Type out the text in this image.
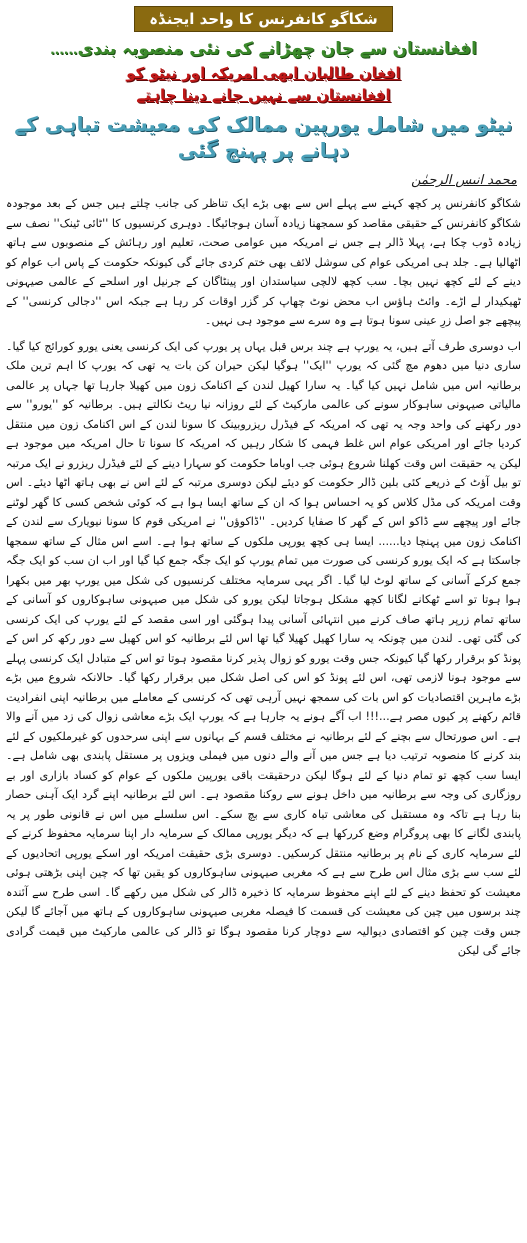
شکاگو کانفرنس کا واحد ایجنڈہ
افغانستان سے جان چھڑانے کی نئی منصوبہ بندی......
افغان طالبان ابھی امریکہ اور نیٹو کو
افغانستان سے نہیں جانے دینا چاہتے
نیٹو میں شامل یورپین ممالک کی معیشت تباہی کے دہانے پر پہنچ گئی
محمد انیس الرحمٰن

شکاگو کانفرنس پر کچھ کہنے سے پہلے اس سے بھی بڑے ایک تناظر کی جانب چلتے ہیں جس کے بعد موجودہ شکاگو کانفرنس کے حقیقی مقاصد کو سمجھنا زیادہ آسان ہوجائیگا۔ دوہری کرنسیوں کا ''ٹائی ٹینک'' نصف سے زیادہ ڈوب چکا ہے، پہلا ڈالر ہے جس نے امریکہ میں عوامی صحت، تعلیم اور رہائش کے منصوبوں سے ہاتھ اٹھالیا ہے۔ جلد ہی امریکی عوام کی سوشل لائف بھی ختم کردی جائے گی کیونکہ حکومت کے پاس اب عوام کو دینے کے لئے کچھ نہیں بچا۔ سب کچھ لالچی سیاستدان اور پینٹاگان کے جرنیل اور اسلحے کے عالمی صیہونی ٹھیکیدار لے اڑے۔ وائٹ ہاؤس اب محض نوٹ چھاپ کر گزر اوقات کر رہا ہے جبکہ اس ''دجالی کرنسی'' کے پیچھے جو اصل زرِ عینی سونا ہوتا ہے وہ سرے سے موجود ہی نہیں۔

اب دوسری طرف آتے ہیں، یہ یورپ ہے چند برس قبل یہاں پر یورپ کی ایک کرنسی یعنی یورو کورائج کیا گیا۔ ساری دنیا میں دھوم مچ گئی کہ یورپ ''ایک'' ہوگیا لیکن حیران کن بات یہ تھی کہ یورپ کا اہم ترین ملک برطانیہ اس میں شامل نہیں کیا گیا۔ یہ سارا کھیل لندن کے اکنامک زون میں کھیلا جارہا تھا جہاں پر عالمی مالیاتی صیہونی ساہوکار سونے کی عالمی مارکیٹ کے لئے روزانہ نیا ریٹ نکالتے ہیں۔ برطانیہ کو ''یورو'' سے دور رکھنے کی واحد وجہ یہ تھی کہ امریکہ کے فیڈرل ریزروبینک کا سونا لندن کے اس اکنامک زون میں منتقل کردیا جائے اور امریکی عوام اس غلط فہمی کا شکار رہیں کہ امریکہ کا سونا تا حال امریکہ میں موجود ہے لیکن یہ حقیقت اس وقت کھلنا شروع ہوئی جب اوباما حکومت کو سہارا دینے کے لئے فیڈرل ریزرو نے ایک مرتبہ تو بیل آؤٹ کے ذریعے کئی بلین ڈالر حکومت کو دیئے لیکن دوسری مرتبہ کے لئے اس نے بھی ہاتھ اٹھا دیئے۔ اس وقت امریکہ کی مڈل کلاس کو یہ احساس ہوا کہ ان کے ساتھ ایسا ہوا ہے کہ کوئی شخص کسی کا گھر لوٹنے جائے اور پیچھے سے ڈاکو اس کے گھر کا صفایا کردیں۔ ''ڈاکوؤں'' نے امریکی قوم کا سونا نیویارک سے لندن کے اکنامک زون میں پہنچا دیا...... ایسا ہی کچھ یورپی ملکوں کے ساتھ ہوا ہے۔ اسے اس مثال کے ساتھ سمجھا جاسکتا ہے کہ ایک یورو کرنسی کی صورت میں تمام یورپ کو ایک جگہ جمع کیا گیا اور اب ان سب کو ایک جگہ جمع کرکے آسانی کے ساتھ لوٹ لیا گیا۔ اگر یہی سرمایہ مختلف کرنسیوں کی شکل میں یورپ بھر میں بکھرا ہوا ہوتا تو اسے ٹھکانے لگانا کچھ مشکل ہوجاتا لیکن یورو کی شکل میں صیہونی ساہوکاروں کو آسانی کے ساتھ تمام زرپر ہاتھ صاف کرنے میں انتہائی آسانی پیدا ہوگئی اور اسی مقصد کے لئے یورپ کی ایک کرنسی کی گئی تھی۔ لندن میں چونکہ یہ سارا کھیل کھیلا گیا تھا اس لئے برطانیہ کو اس کھیل سے دور رکھ کر اس کے پونڈ کو برقرار رکھا گیا کیونکہ جس وقت یورو کو زوال پذیر کرنا مقصود ہوتا تو اس کے متبادل ایک کرنسی پہلے سے موجود ہونا لازمی تھی، اس لئے پونڈ کو اس کی اصل شکل میں برقرار رکھا گیا۔ حالانکہ شروع میں بڑے بڑے ماہرین اقتصادیات کو اس بات کی سمجھ نہیں آرہی تھی کہ کرنسی کے معاملے میں برطانیہ اپنی انفرادیت قائم رکھنے پر کیوں مصر ہے...!!! اب آگے ہونے یہ جارہا ہے کہ یورپ ایک بڑے معاشی زوال کی زد میں آنے والا ہے۔ اس صورتحال سے بچنے کے لئے برطانیہ نے مختلف قسم کے بہانوں سے اپنی سرحدوں کو غیرملکیوں کے لئے بند کرنے کا منصوبہ ترتیب دیا ہے جس میں آنے والے دنوں میں فیملی ویزوں پر مستقل پابندی بھی شامل ہے۔ ایسا سب کچھ تو تمام دنیا کے لئے ہوگا لیکن درحقیقت باقی یورپین ملکوں کے عوام کو کساد بازاری اور بے روزگاری کی وجہ سے برطانیہ میں داخل ہونے سے روکنا مقصود ہے۔ اس لئے برطانیہ اپنے گرد ایک آہنی حصار بنا رہا ہے تاکہ وہ مستقبل کی معاشی تباہ کاری سے بچ سکے۔ اس سلسلے میں اس نے قانونی طور پر یہ پابندی لگانے کا بھی پروگرام وضع کررکھا ہے کہ دیگر یورپی ممالک کے سرمایہ دار اپنا سرمایہ محفوظ کرنے کے لئے سرمایہ کاری کے نام پر برطانیہ منتقل کرسکیں۔ دوسری بڑی حقیقت امریکہ اور اسکے یورپی اتحادیوں کے لئے سب سے بڑی مثال اس طرح سے ہے کہ مغربی صیہونی ساہوکاروں کو یقین تھا کہ چین اپنی بڑھتی ہوئی معیشت کو تحفظ دینے کے لئے اپنے محفوظ سرمایہ کا ذخیرہ ڈالر کی شکل میں رکھے گا۔ اسی طرح سے آئندہ چند برسوں میں چین کی معیشت کی قسمت کا فیصلہ مغربی صیہونی ساہوکاروں کے ہاتھ میں آجائے گا لیکن جس وقت چین کو اقتصادی دیوالیہ سے دوچار کرنا مقصود ہوگا تو ڈالر کی عالمی مارکیٹ میں قیمت گرادی جائے گی لیکن
